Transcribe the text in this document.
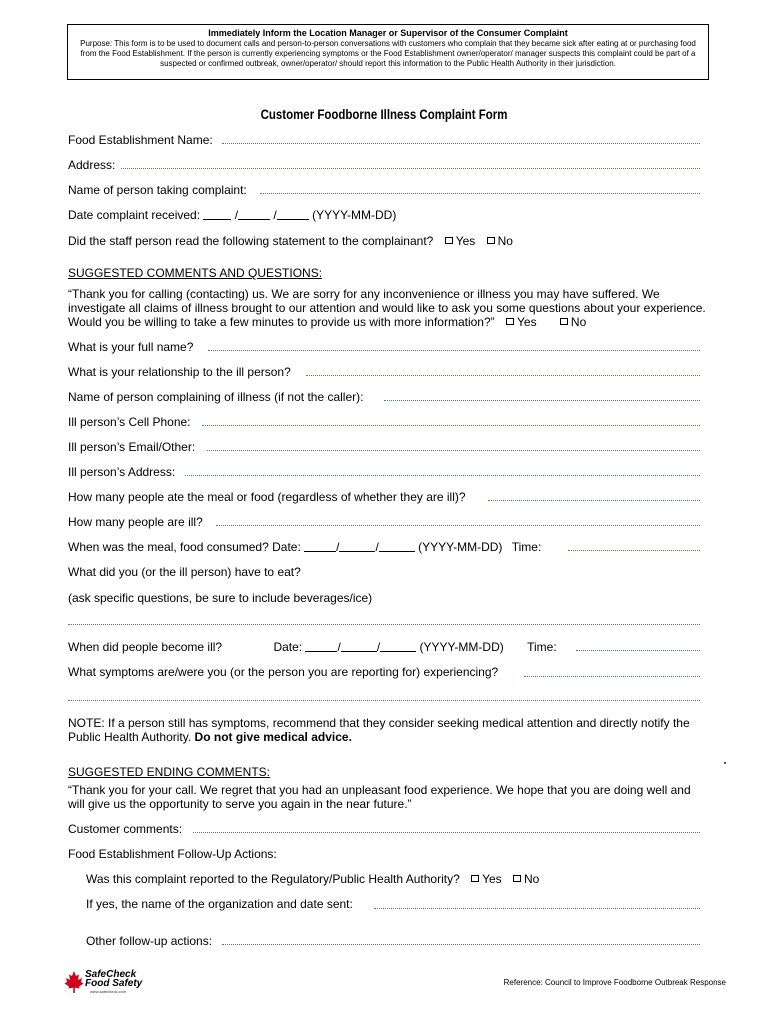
Immediately Inform the Location Manager or Supervisor of the Consumer Complaint
Purpose: This form is to be used to document calls and person-to-person conversations with customers who complain that they became sick after eating at or purchasing food from the Food Establishment. If the person is currently experiencing symptoms or the Food Establishment owner/operator/ manager suspects this complaint could be part of a suspected or confirmed outbreak, owner/operator/ should report this information to the Public Health Authority in their jurisdiction.
Customer Foodborne Illness Complaint Form
Food Establishment Name:
Address:
Name of person taking complaint:
Date complaint received:	/	/	(YYYY-MM-DD)
Did the staff person read the following statement to the complainant? Yes No
SUGGESTED COMMENTS AND QUESTIONS:
“Thank you for calling (contacting) us. We are sorry for any inconvenience or illness you may have suffered. We investigate all claims of illness brought to our attention and would like to ask you some questions about your experience. Would you be willing to take a few minutes to provide us with more information?” Yes	No
What is your full name?
What is your relationship to the ill person?
Name of person complaining of illness (if not the caller):
Ill person’s Cell Phone:
Ill person’s Email/Other:
Ill person’s Address:
How many people ate the meal or food (regardless of whether they are ill)?
How many people are ill?
When was the meal, food consumed? Date:	/	/	(YYYY-MM-DD) Time:
What did you (or the ill person) have to eat?
(ask specific questions, be sure to include beverages/ice)
When did people become ill?	Date:	/	/	(YYYY-MM-DD) Time:
What symptoms are/were you (or the person you are reporting for) experiencing?
NOTE: If a person still has symptoms, recommend that they consider seeking medical attention and directly notify the Public Health Authority. Do not give medical advice.
SUGGESTED ENDING COMMENTS:
“Thank you for your call. We regret that you had an unpleasant food experience. We hope that you are doing well and will give us the opportunity to serve you again in the near future.”
Customer comments:
Food Establishment Follow-Up Actions:
Was this complaint reported to the Regulatory/Public Health Authority? Yes No
If yes, the name of the organization and date sent:
Other follow-up actions:
SafeCheck
Food Safety
www.safecheck.com
Reference: Council to Improve Foodborne Outbreak Response
